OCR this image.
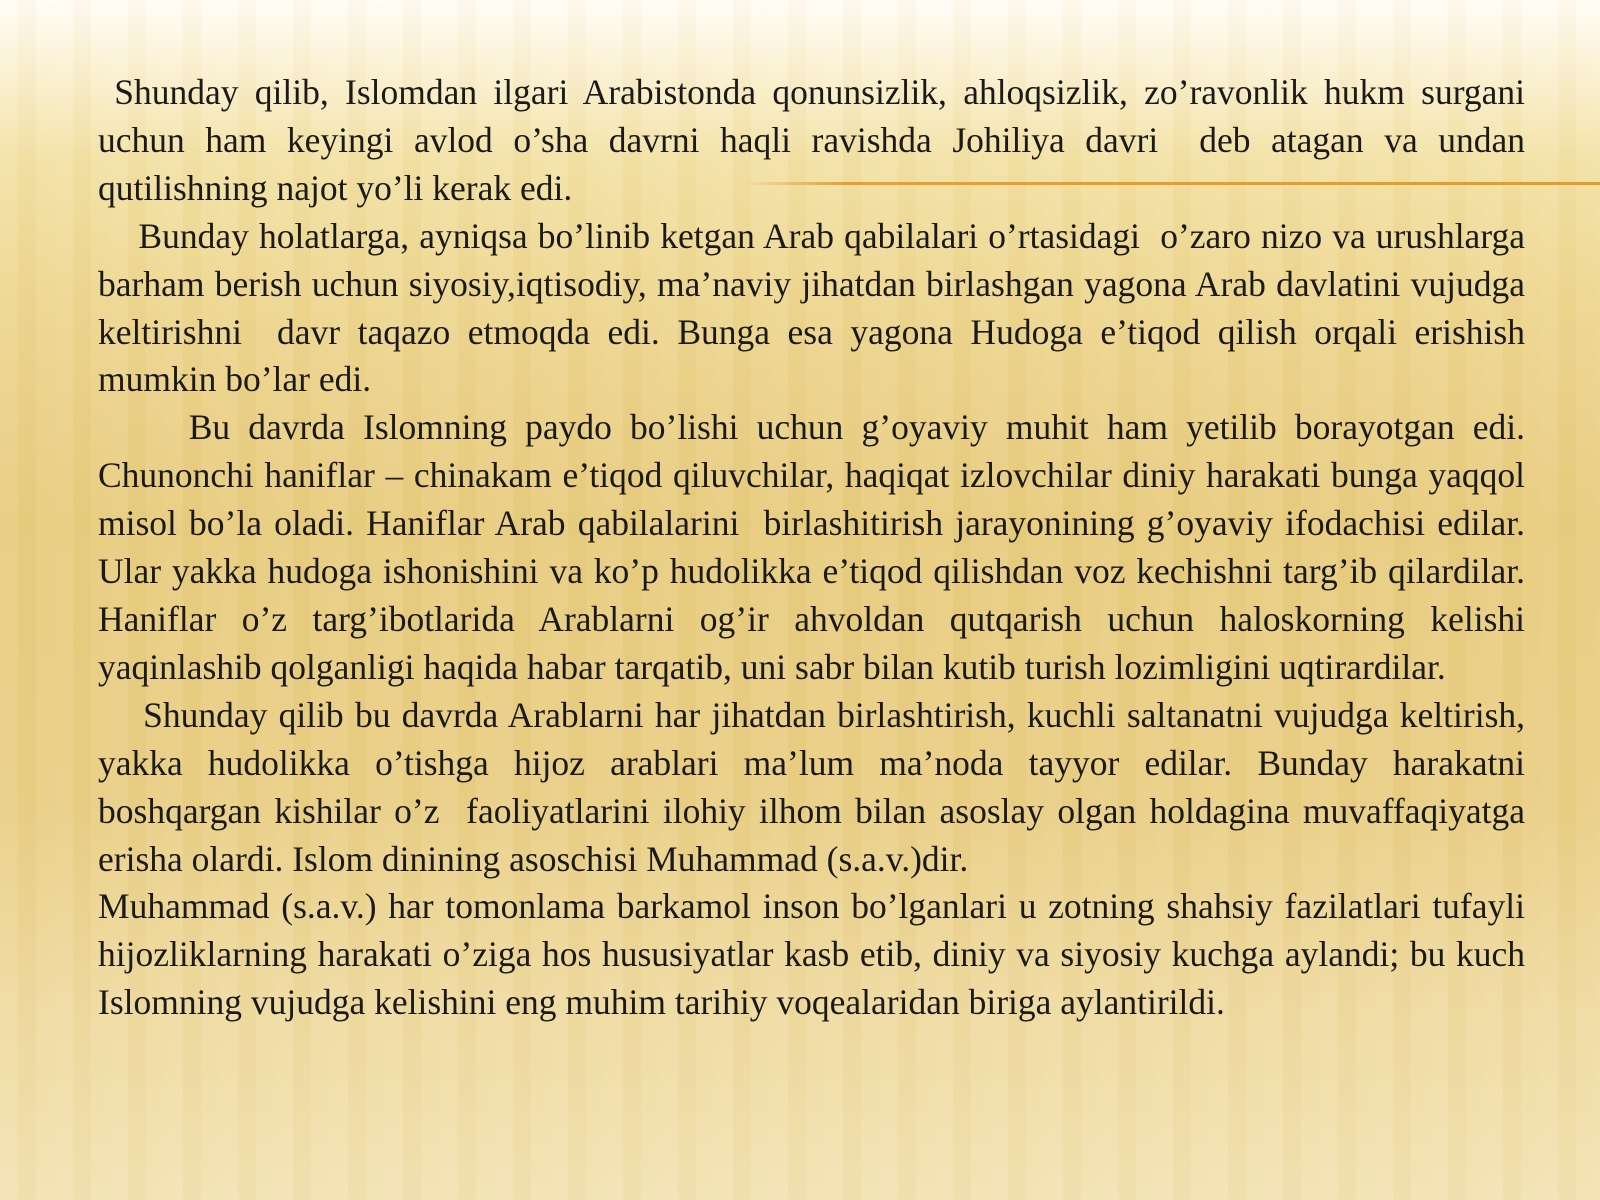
Shunday qilib, Islomdan ilgari Arabistonda qonunsizlik, ahloqsizlik, zo’ravonlik hukm surgani uchun ham keyingi avlod o’sha davrni haqli ravishda Johiliya davri  deb atagan va undan qutilishning najot yo’li kerak edi.

Bunday holatlarga, ayniqsa bo’linib ketgan Arab qabilalari o’rtasidagi  o’zaro nizo va urushlarga barham berish uchun siyosiy,iqtisodiy, ma’naviy jihatdan birlashgan yagona Arab davlatini vujudga keltirishni  davr taqazo etmoqda edi. Bunga esa yagona Hudoga e’tiqod qilish orqali erishish mumkin bo’lar edi.

Bu davrda Islomning paydo bo’lishi uchun g’oyaviy muhit ham yetilib borayotgan edi. Chunonchi haniflar – chinakam e’tiqod qiluvchilar, haqiqat izlovchilar diniy harakati bunga yaqqol misol bo’la oladi. Haniflar Arab qabilalarini  birlashitirish jarayonining g’oyaviy ifodachisi edilar. Ular yakka hudoga ishonishini va ko’p hudolikka e’tiqod qilishdan voz kechishni targ’ib qilardilar. Haniflar o’z targ’ibotlarida Arablarni og’ir ahvoldan qutqarish uchun haloskorning kelishi yaqinlashib qolganligi haqida habar tarqatib, uni sabr bilan kutib turish lozimligini uqtirardilar.

Shunday qilib bu davrda Arablarni har jihatdan birlashtirish, kuchli saltanatni vujudga keltirish, yakka hudolikka o’tishga hijoz arablari ma’lum ma’noda tayyor edilar. Bunday harakatni boshqargan kishilar o’z  faoliyatlarini ilohiy ilhom bilan asoslay olgan holdagina muvaffaqiyatga erisha olardi. Islom dinining asoschisi Muhammad (s.a.v.)dir.

Muhammad (s.a.v.) har tomonlama barkamol inson bo’lganlari u zotning shahsiy fazilatlari tufayli hijozliklarning harakati o’ziga hos hususiyatlar kasb etib, diniy va siyosiy kuchga aylandi; bu kuch Islomning vujudga kelishini eng muhim tarihiy voqealaridan biriga aylantirildi.
